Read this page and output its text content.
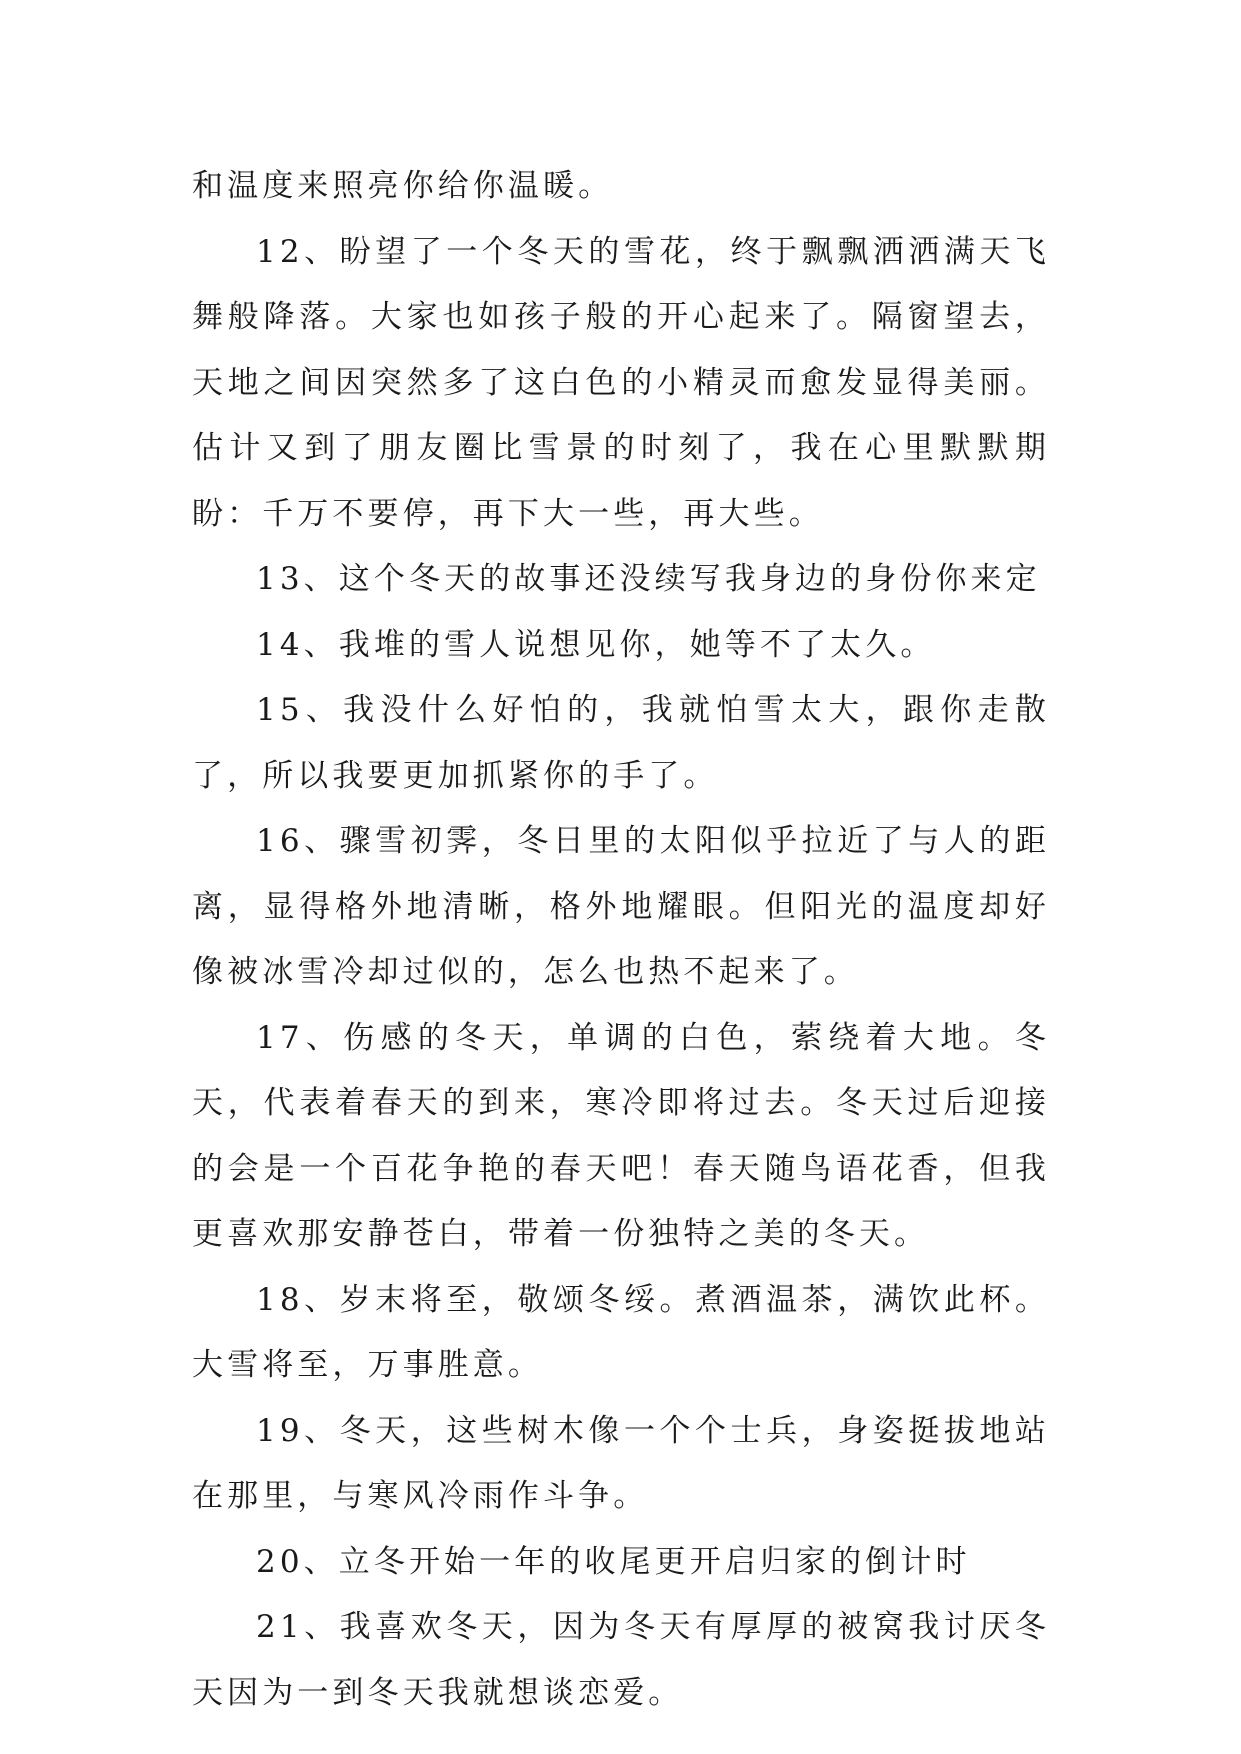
和温度来照亮你给你温暖。

12、盼望了一个冬天的雪花，终于飘飘洒洒满天飞舞般降落。大家也如孩子般的开心起来了。隔窗望去，天地之间因突然多了这白色的小精灵而愈发显得美丽。估计又到了朋友圈比雪景的时刻了，我在心里默默期盼：千万不要停，再下大一些，再大些。

13、这个冬天的故事还没续写我身边的身份你来定

14、我堆的雪人说想见你，她等不了太久。

15、我没什么好怕的，我就怕雪太大，跟你走散了，所以我要更加抓紧你的手了。

16、骤雪初霁，冬日里的太阳似乎拉近了与人的距离，显得格外地清晰，格外地耀眼。但阳光的温度却好像被冰雪冷却过似的，怎么也热不起来了。

17、伤感的冬天，单调的白色，萦绕着大地。冬天，代表着春天的到来，寒冷即将过去。冬天过后迎接的会是一个百花争艳的春天吧！春天随鸟语花香，但我更喜欢那安静苍白，带着一份独特之美的冬天。

18、岁末将至，敬颂冬绥。煮酒温茶，满饮此杯。大雪将至，万事胜意。

19、冬天，这些树木像一个个士兵，身姿挺拔地站在那里，与寒风冷雨作斗争。

20、立冬开始一年的收尾更开启归家的倒计时

21、我喜欢冬天，因为冬天有厚厚的被窝我讨厌冬天因为一到冬天我就想谈恋爱。
